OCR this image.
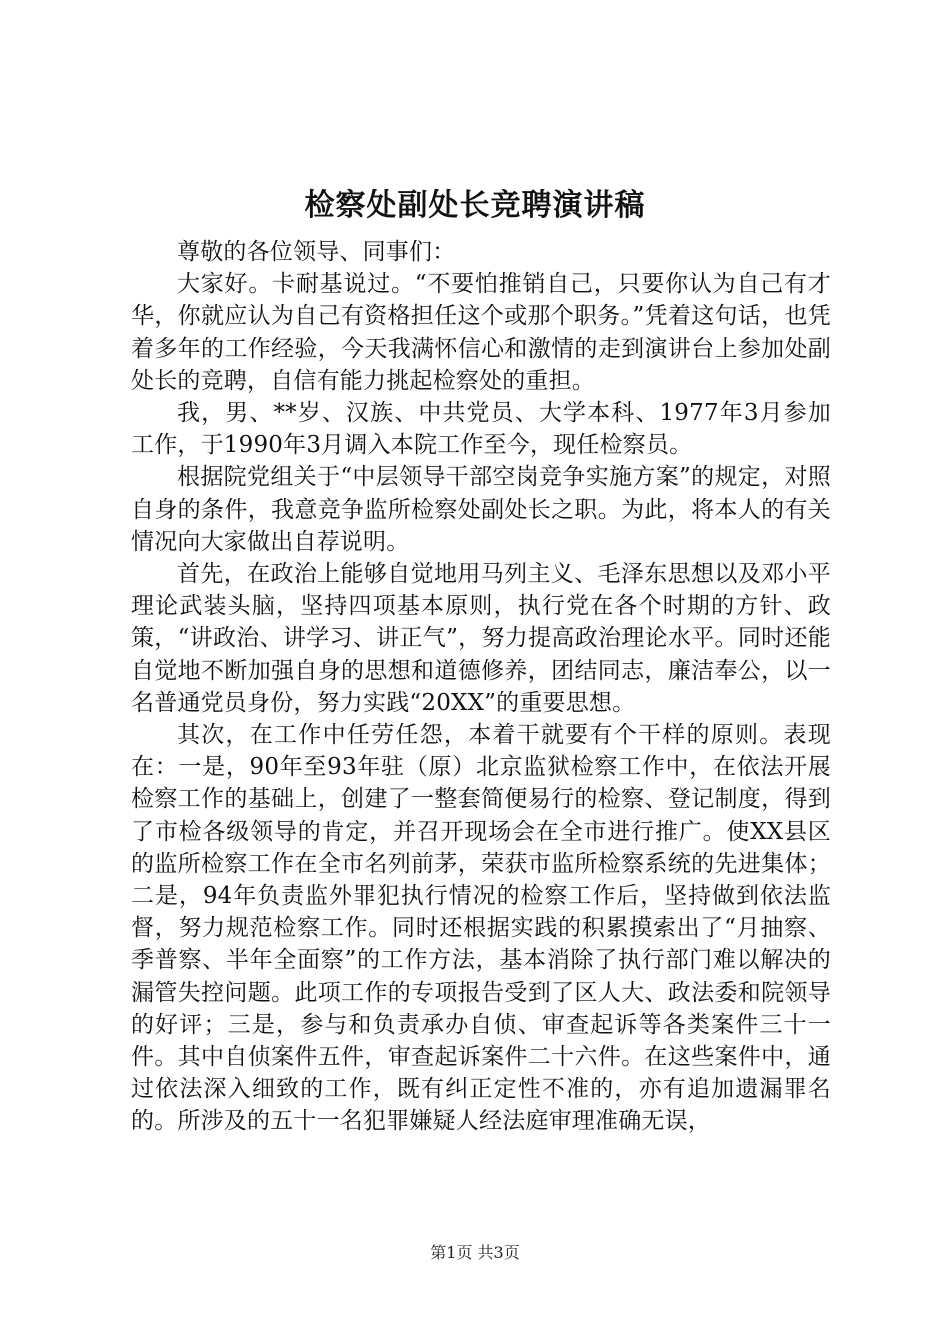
检察处副处长竞聘演讲稿

尊敬的各位领导、同事们：

大家好。卡耐基说过。“不要怕推销自己，只要你认为自己有才华，你就应认为自己有资格担任这个或那个职务。”凭着这句话，也凭着多年的工作经验，今天我满怀信心和激情的走到演讲台上参加处副处长的竞聘，自信有能力挑起检察处的重担。

我，男、**岁、汉族、中共党员、大学本科、1977年3月参加工作，于1990年3月调入本院工作至今，现任检察员。

根据院党组关于“中层领导干部空岗竞争实施方案”的规定，对照自身的条件，我意竞争监所检察处副处长之职。为此，将本人的有关情况向大家做出自荐说明。

首先，在政治上能够自觉地用马列主义、毛泽东思想以及邓小平理论武装头脑，坚持四项基本原则，执行党在各个时期的方针、政策，“讲政治、讲学习、讲正气”，努力提高政治理论水平。同时还能自觉地不断加强自身的思想和道德修养，团结同志，廉洁奉公，以一名普通党员身份，努力实践“20XX”的重要思想。

其次，在工作中任劳任怨，本着干就要有个干样的原则。表现在：一是，90年至93年驻（原）北京监狱检察工作中，在依法开展检察工作的基础上，创建了一整套简便易行的检察、登记制度，得到了市检各级领导的肯定，并召开现场会在全市进行推广。使XX县区的监所检察工作在全市名列前茅，荣获市监所检察系统的先进集体；二是，94年负责监外罪犯执行情况的检察工作后，坚持做到依法监督，努力规范检察工作。同时还根据实践的积累摸索出了“月抽察、季普察、半年全面察”的工作方法，基本消除了执行部门难以解决的漏管失控问题。此项工作的专项报告受到了区人大、政法委和院领导的好评；三是，参与和负责承办自侦、审查起诉等各类案件三十一件。其中自侦案件五件，审查起诉案件二十六件。在这些案件中，通过依法深入细致的工作，既有纠正定性不准的，亦有追加遗漏罪名的。所涉及的五十一名犯罪嫌疑人经法庭审理准确无误，

第1页 共3页
